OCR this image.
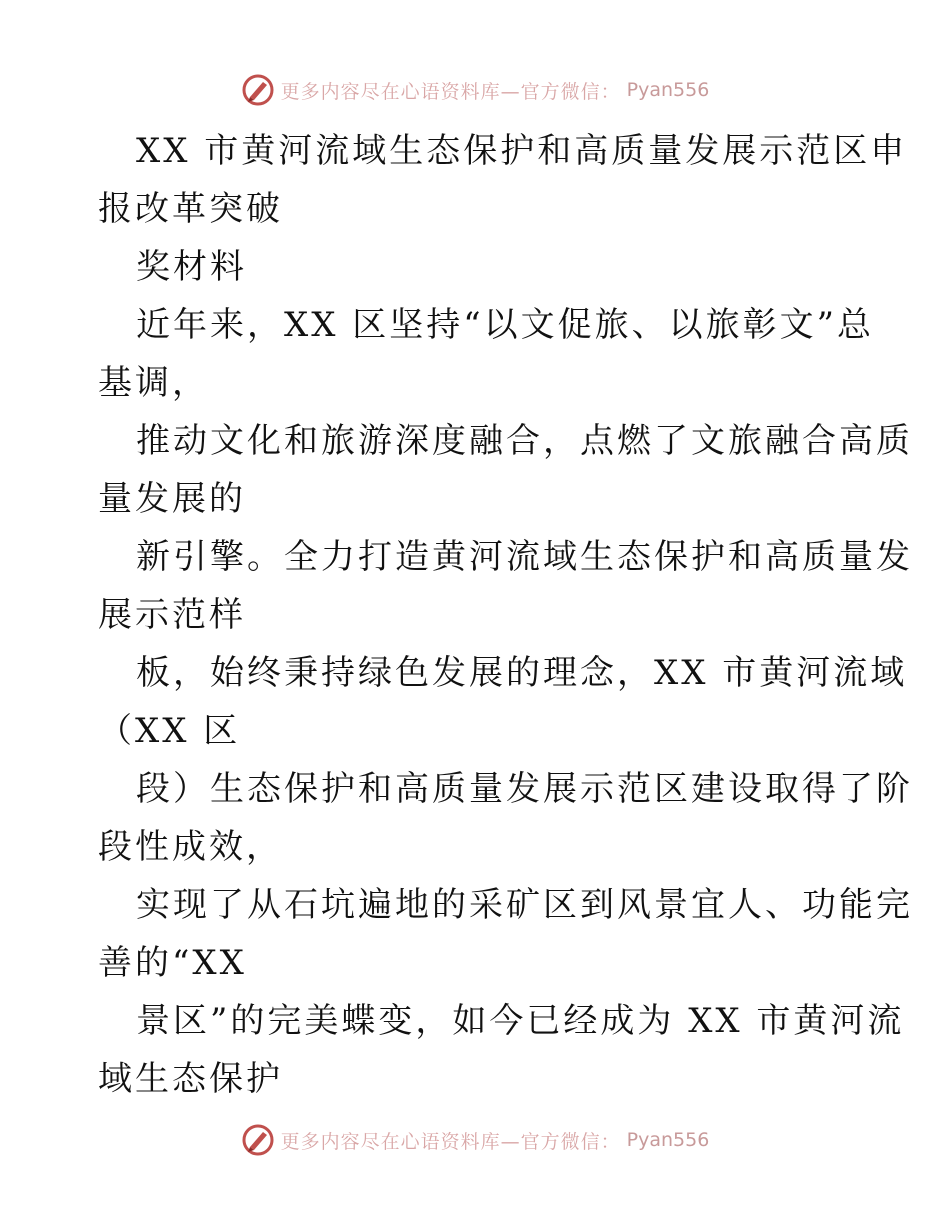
更多内容尽在心语资料库—官方微信： Pyan556
XX 市黄河流域生态保护和高质量发展示范区申
报改革突破
奖材料
近年来，XX 区坚持“以文促旅、以旅彰文”总
基调，
推动文化和旅游深度融合，点燃了文旅融合高质
量发展的
新引擎。全力打造黄河流域生态保护和高质量发
展示范样
板，始终秉持绿色发展的理念，XX 市黄河流域
（XX 区
段）生态保护和高质量发展示范区建设取得了阶
段性成效，
实现了从石坑遍地的采矿区到风景宜人、功能完
善的“XX
景区”的完美蝶变，如今已经成为 XX 市黄河流
域生态保护
更多内容尽在心语资料库—官方微信： Pyan556
